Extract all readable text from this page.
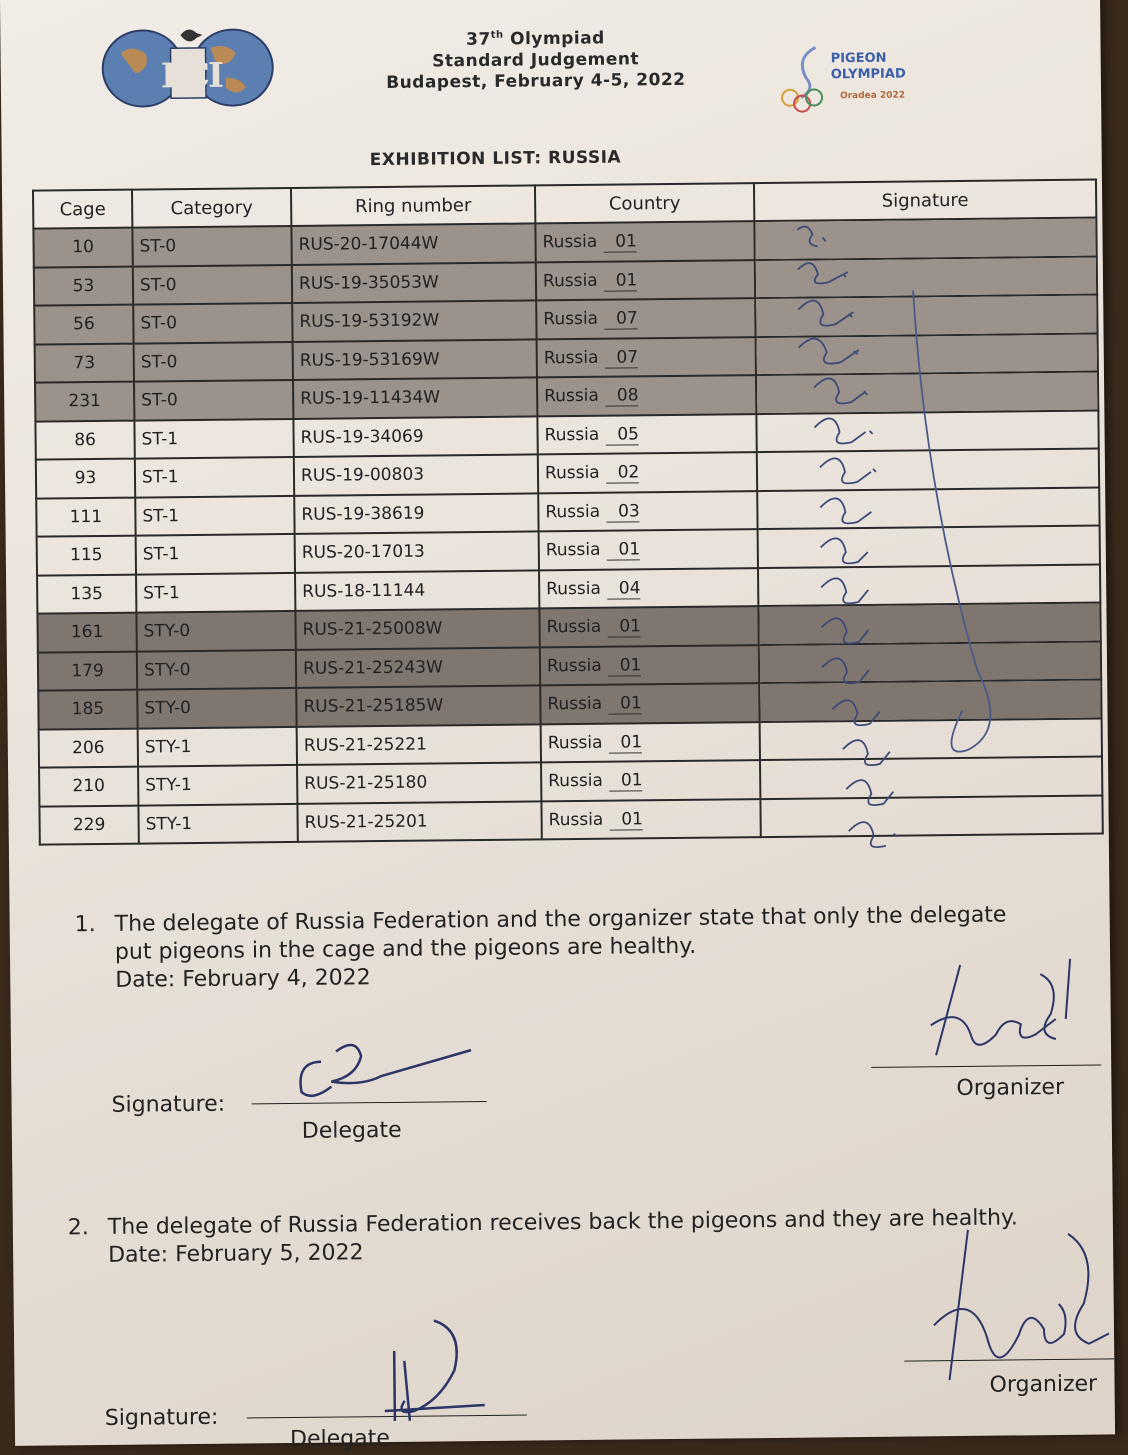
FCI
37th Olympiad
Standard Judgement
Budapest, February 4-5, 2022
PIGEON
OLYMPIAD
Oradea 2022
EXHIBITION LIST: RUSSIA
Cage	Category	Ring number	Country	Signature
10	ST-0	RUS-20-17044W	Russia 01	
53	ST-0	RUS-19-35053W	Russia 01	
56	ST-0	RUS-19-53192W	Russia 07	
73	ST-0	RUS-19-53169W	Russia 07	
231	ST-0	RUS-19-11434W	Russia 08	
86	ST-1	RUS-19-34069	Russia 05	
93	ST-1	RUS-19-00803	Russia 02	
111	ST-1	RUS-19-38619	Russia 03	
115	ST-1	RUS-20-17013	Russia 01	
135	ST-1	RUS-18-11144	Russia 04	
161	STY-0	RUS-21-25008W	Russia 01	
179	STY-0	RUS-21-25243W	Russia 01	
185	STY-0	RUS-21-25185W	Russia 01	
206	STY-1	RUS-21-25221	Russia 01	
210	STY-1	RUS-21-25180	Russia 01	
229	STY-1	RUS-21-25201	Russia 01	
1. The delegate of Russia Federation and the organizer state that only the delegate
put pigeons in the cage and the pigeons are healthy.
Date: February 4, 2022
Signature:
Delegate
Organizer
2. The delegate of Russia Federation receives back the pigeons and they are healthy.
Date: February 5, 2022
Signature:
Delegate
Organizer
